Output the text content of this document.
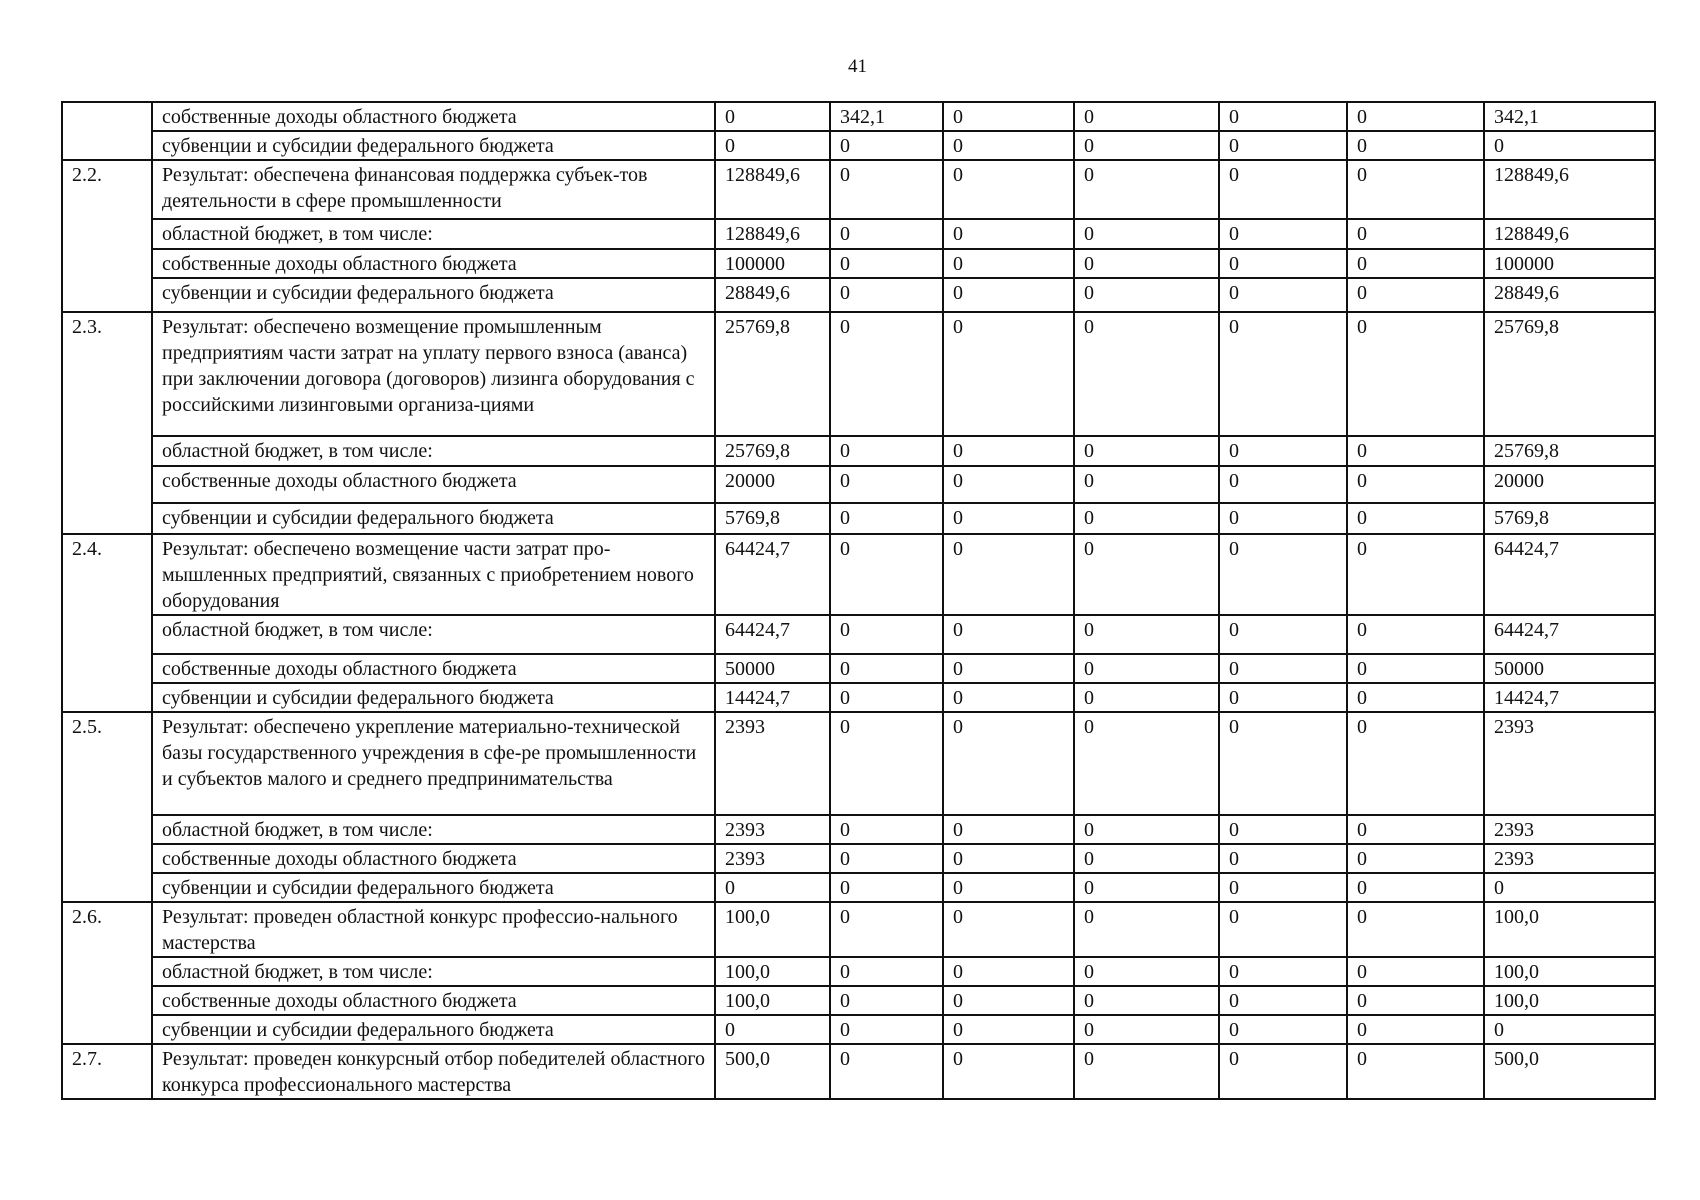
41
	собственные доходы областного бюджета	0	342,1	0	0	0	0	342,1
	субвенции и субсидии федерального бюджета	0	0	0	0	0	0	0
2.2.	Результат: обеспечена финансовая поддержка субъек-тов деятельности в сфере промышленности	128849,6	0	0	0	0	0	128849,6
	областной бюджет, в том числе:	128849,6	0	0	0	0	0	128849,6
	собственные доходы областного бюджета	100000	0	0	0	0	0	100000
	субвенции и субсидии федерального бюджета	28849,6	0	0	0	0	0	28849,6
2.3.	Результат: обеспечено возмещение промышленным предприятиям части затрат на уплату первого взноса (аванса) при заключении договора (договоров) лизинга оборудования с российскими лизинговыми организа-циями	25769,8	0	0	0	0	0	25769,8
	областной бюджет, в том числе:	25769,8	0	0	0	0	0	25769,8
	собственные доходы областного бюджета	20000	0	0	0	0	0	20000
	субвенции и субсидии федерального бюджета	5769,8	0	0	0	0	0	5769,8
2.4.	Результат: обеспечено возмещение части затрат про-мышленных предприятий, связанных с приобретением нового оборудования	64424,7	0	0	0	0	0	64424,7
	областной бюджет, в том числе:	64424,7	0	0	0	0	0	64424,7
	собственные доходы областного бюджета	50000	0	0	0	0	0	50000
	субвенции и субсидии федерального бюджета	14424,7	0	0	0	0	0	14424,7
2.5.	Результат: обеспечено укрепление материально-технической базы государственного учреждения в сфе-ре промышленности и субъектов малого и среднего предпринимательства	2393	0	0	0	0	0	2393
	областной бюджет, в том числе:	2393	0	0	0	0	0	2393
	собственные доходы областного бюджета	2393	0	0	0	0	0	2393
	субвенции и субсидии федерального бюджета	0	0	0	0	0	0	0
2.6.	Результат: проведен областной конкурс профессио-нального мастерства	100,0	0	0	0	0	0	100,0
	областной бюджет, в том числе:	100,0	0	0	0	0	0	100,0
	собственные доходы областного бюджета	100,0	0	0	0	0	0	100,0
	субвенции и субсидии федерального бюджета	0	0	0	0	0	0	0
2.7.	Результат: проведен конкурсный отбор победителей областного конкурса профессионального мастерства	500,0	0	0	0	0	0	500,0
